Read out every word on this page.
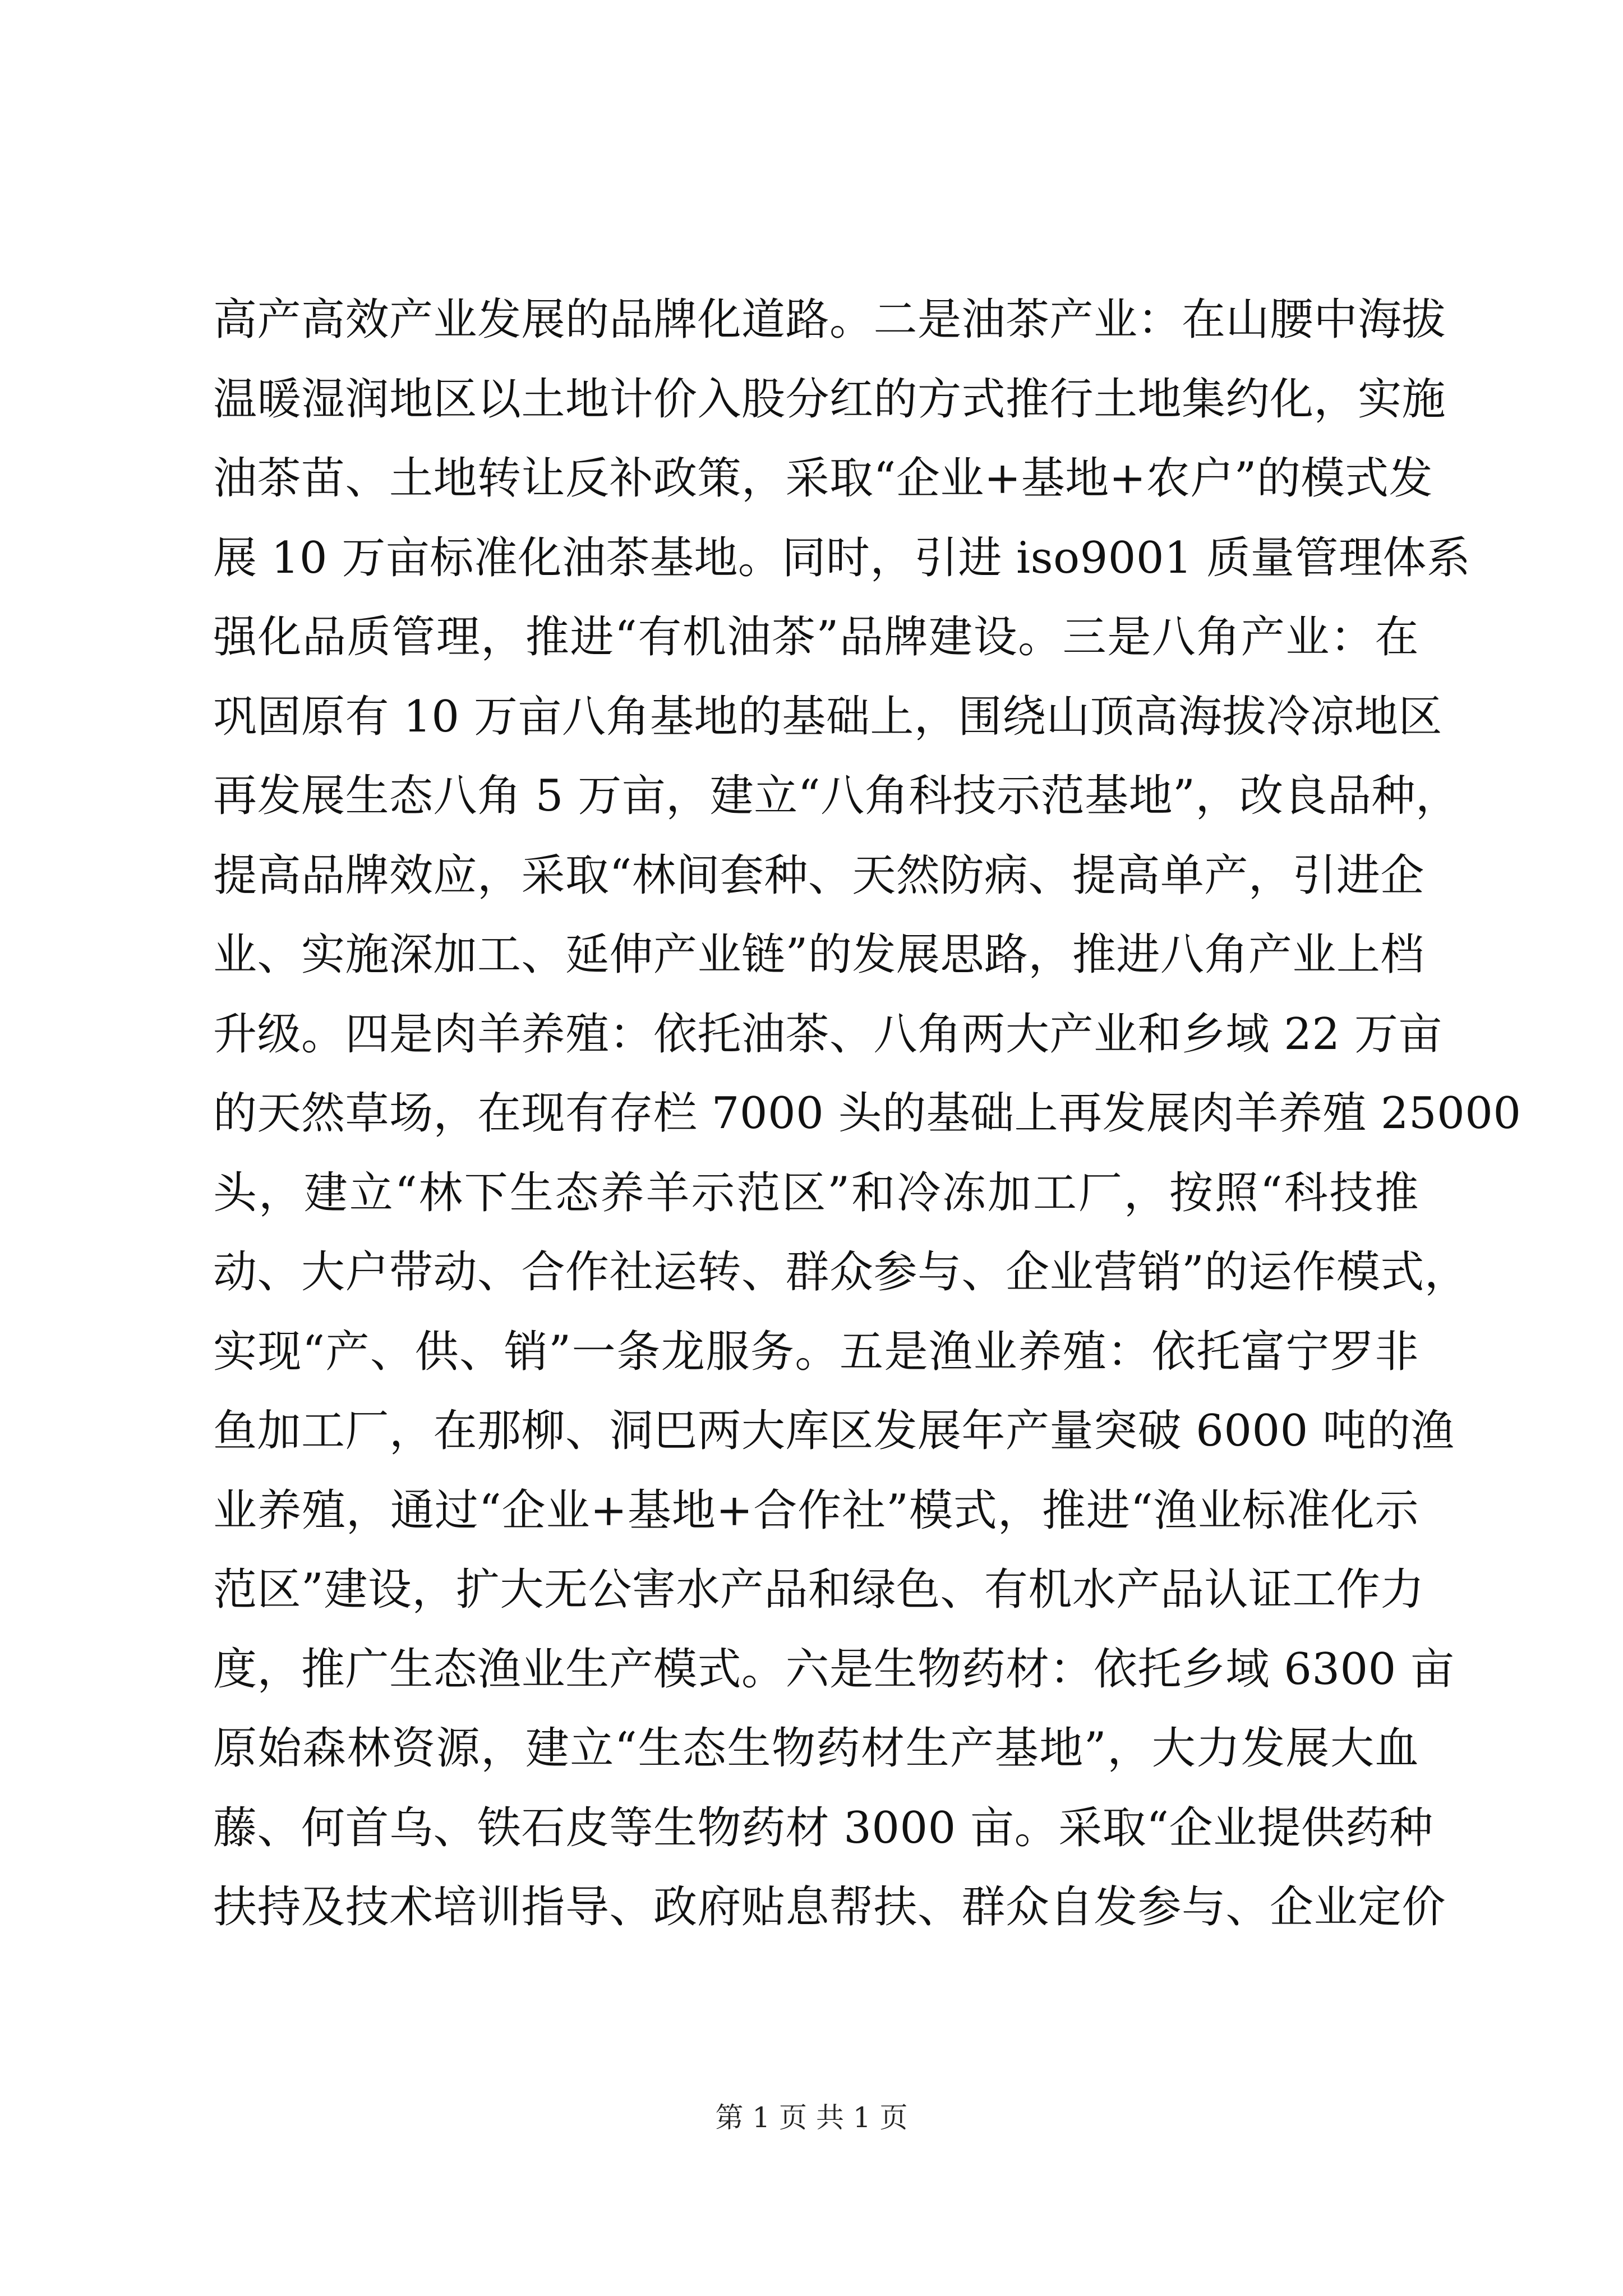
高产高效产业发展的品牌化道路。二是油茶产业：在山腰中海拔
温暖湿润地区以土地计价入股分红的方式推行土地集约化，实施
油茶苗、土地转让反补政策，采取“企业+基地+农户”的模式发
展 10 万亩标准化油茶基地。同时，引进 iso9001 质量管理体系
强化品质管理，推进“有机油茶”品牌建设。三是八角产业：在
巩固原有 10 万亩八角基地的基础上，围绕山顶高海拔冷凉地区
再发展生态八角 5 万亩，建立“八角科技示范基地”，改良品种，
提高品牌效应，采取“林间套种、天然防病、提高单产，引进企
业、实施深加工、延伸产业链”的发展思路，推进八角产业上档
升级。四是肉羊养殖：依托油茶、八角两大产业和乡域 22 万亩
的天然草场，在现有存栏 7000 头的基础上再发展肉羊养殖 25000
头，建立“林下生态养羊示范区”和冷冻加工厂，按照“科技推
动、大户带动、合作社运转、群众参与、企业营销”的运作模式，
实现“产、供、销”一条龙服务。五是渔业养殖：依托富宁罗非
鱼加工厂，在那柳、洞巴两大库区发展年产量突破 6000 吨的渔
业养殖，通过“企业+基地+合作社”模式，推进“渔业标准化示
范区”建设，扩大无公害水产品和绿色、有机水产品认证工作力
度，推广生态渔业生产模式。六是生物药材：依托乡域 6300 亩
原始森林资源，建立“生态生物药材生产基地”，大力发展大血
藤、何首乌、铁石皮等生物药材 3000 亩。采取“企业提供药种
扶持及技术培训指导、政府贴息帮扶、群众自发参与、企业定价
第 1 页 共 1 页
